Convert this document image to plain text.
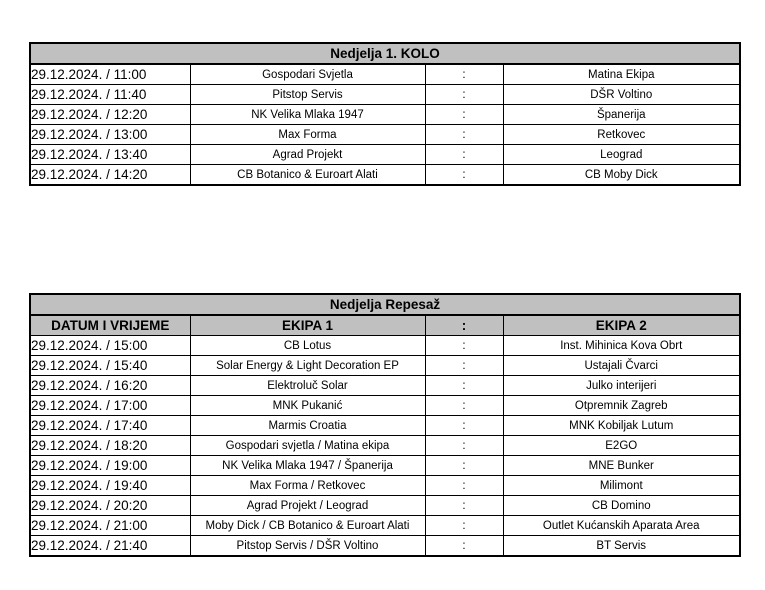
Nedjelja 1. KOLO			
29.12.2024. / 11:00	Gospodari Svjetla	:	Matina Ekipa
29.12.2024. / 11:40	Pitstop Servis	:	DŠR Voltino
29.12.2024. / 12:20	NK Velika Mlaka 1947	:	Španerija
29.12.2024. / 13:00	Max Forma	:	Retkovec
29.12.2024. / 13:40	Agrad Projekt	:	Leograd
29.12.2024. / 14:20	CB Botanico & Euroart Alati	:	CB Moby Dick
Nedjelja Repesaž			
DATUM I VRIJEME	EKIPA 1	:	EKIPA 2
29.12.2024. / 15:00	CB Lotus	:	Inst. Mihinica Kova Obrt
29.12.2024. / 15:40	Solar Energy & Light Decoration EP	:	Ustajali Čvarci
29.12.2024. / 16:20	Elektroluč Solar	:	Julko interijeri
29.12.2024. / 17:00	MNK Pukanić	:	Otpremnik Zagreb
29.12.2024. / 17:40	Marmis Croatia	:	MNK Kobiljak Lutum
29.12.2024. / 18:20	Gospodari svjetla / Matina ekipa	:	E2GO
29.12.2024. / 19:00	NK Velika Mlaka 1947 / Španerija	:	MNE Bunker
29.12.2024. / 19:40	Max Forma / Retkovec	:	Milimont
29.12.2024. / 20:20	Agrad Projekt / Leograd	:	CB Domino
29.12.2024. / 21:00	Moby Dick / CB Botanico & Euroart Alati	:	Outlet Kućanskih Aparata Area
29.12.2024. / 21:40	Pitstop Servis / DŠR Voltino	:	BT Servis
